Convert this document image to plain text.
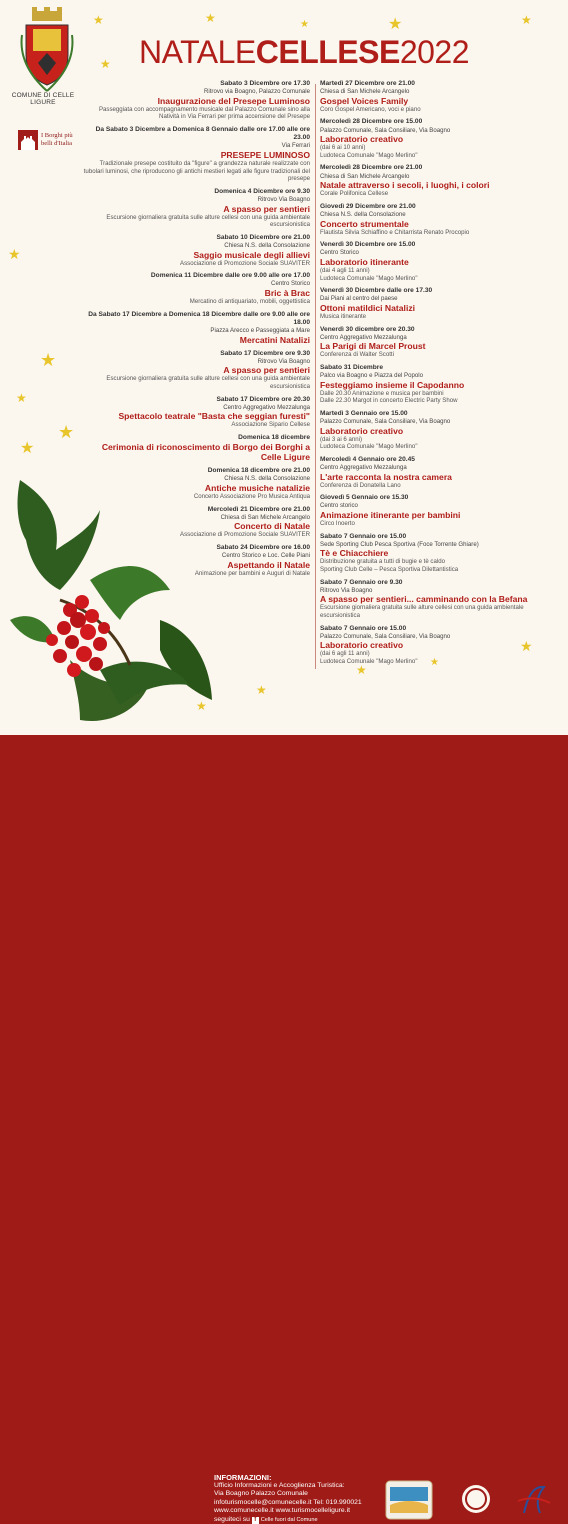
★	★	★	★	★
★
★
★
★
★
★
★
★
★
★
★
COMUNE DI CELLE LIGURE
I Borghi più belli d'Italia
NATALECELLESE2022
Sabato 3 Dicembre ore 17.30
Ritrovo via Boagno, Palazzo Comunale
Inaugurazione del Presepe Luminoso
Passeggiata con accompagnamento musicale dal Palazzo Comunale sino alla Natività in Via Ferrari per prima accensione del Presepe
Da Sabato 3 Dicembre a Domenica 8 Gennaio dalle ore 17.00 alle ore 23.00
Via Ferrari
PRESEPE LUMINOSO
Tradizionale presepe costituito da "figure" a grandezza naturale realizzate con tubolari luminosi, che riproducono gli antichi mestieri legati alle figure tradizionali del presepe
Domenica 4 Dicembre ore 9.30
Ritrovo Via Boagno
A spasso per sentieri
Escursione giornaliera gratuita sulle alture cellesi con una guida ambientale escursionistica
Sabato 10 Dicembre ore 21.00
Chiesa N.S. della Consolazione
Saggio musicale degli allievi
Associazione di Promozione Sociale SUAVITER
Domenica 11 Dicembre dalle ore 9.00 alle ore 17.00
Centro Storico
Bric à Brac
Mercatino di antiquariato, mobili, oggettistica
Da Sabato 17 Dicembre a Domenica 18 Dicembre dalle ore 9.00 alle ore 18.00
Piazza Arecco e Passeggiata a Mare
Mercatini Natalizi
Sabato 17 Dicembre ore 9.30
Ritrovo Via Boagno
A spasso per sentieri
Escursione giornaliera gratuita sulle alture cellesi con una guida ambientale escursionistica
Sabato 17 Dicembre ore 20.30
Centro Aggregativo Mezzalunga
Spettacolo teatrale "Basta che seggian furesti"
Associazione Sipario Cellese
Domenica 18 dicembre
Cerimonia di riconoscimento di Borgo dei Borghi a Celle Ligure
Domenica 18 dicembre ore 21.00
Chiesa N.S. della Consolazione
Antiche musiche natalizie
Concerto Associazione Pro Musica Antiqua
Mercoledì 21 Dicembre ore 21.00
Chiesa di San Michele Arcangelo
Concerto di Natale
Associazione di Promozione Sociale SUAVITER
Sabato 24 Dicembre ore 16.00
Centro Storico e Loc. Celle Piani
Aspettando il Natale
Animazione per bambini e Auguri di Natale
Martedì 27 Dicembre ore 21.00
Chiesa di San Michele Arcangelo
Gospel Voices Family
Coro Gospel Americano, voci e piano
Mercoledì 28 Dicembre ore 15.00
Palazzo Comunale, Sala Consiliare, Via Boagno
Laboratorio creativo
(dai 6 ai 10 anni)
Ludoteca Comunale "Mago Merlino"
Mercoledì 28 Dicembre ore 21.00
Chiesa di San Michele Arcangelo
Natale attraverso i secoli, i luoghi, i colori
Corale Polifonica Cellese
Giovedì 29 Dicembre ore 21.00
Chiesa N.S. della Consolazione
Concerto strumentale
Flautista Silvia Schiaffino e Chitarrista Renato Procopio
Venerdì 30 Dicembre ore 15.00
Centro Storico
Laboratorio itinerante
(dai 4 agli 11 anni)
Ludoteca Comunale "Mago Merlino"
Venerdì 30 Dicembre dalle ore 17.30
Dai Piani al centro del paese
Ottoni matildici Natalizi
Musica itinerante
Venerdì 30 dicembre ore 20.30
Centro Aggregativo Mezzalunga
La Parigi di Marcel Proust
Conferenza di Walter Scotti
Sabato 31 Dicembre
Palco via Boagno e Piazza del Popolo
Festeggiamo insieme il Capodanno
Dalle 20.30 Animazione e musica per bambini
Dalle 22.30 Margot in concerto Electric Party Show
Martedì 3 Gennaio ore 15.00
Palazzo Comunale, Sala Consiliare, Via Boagno
Laboratorio creativo
(dai 3 ai 6 anni)
Ludoteca Comunale "Mago Merlino"
Mercoledì 4 Gennaio ore 20.45
Centro Aggregativo Mezzalunga
L'arte racconta la nostra camera
Conferenza di Donatella Lano
Giovedì 5 Gennaio ore 15.30
Centro storico
Animazione itinerante per bambini
Circo Inoerto
Sabato 7 Gennaio ore 15.00
Sede Sporting Club Pesca Sportiva (Foce Torrente Ghiare)
Tè e Chiacchiere
Distribuzione gratuita a tutti di bugie e tè caldo
Sporting Club Celle – Pesca Sportiva Dilettantistica
Sabato 7 Gennaio ore 9.30
Ritrovo Via Boagno
A spasso per sentieri... camminando con la Befana
Escursione giornaliera gratuita sulle alture cellesi con una guida ambientale escursionistica
Sabato 7 Gennaio ore 15.00
Palazzo Comunale, Sala Consiliare, Via Boagno
Laboratorio creativo
(dai 6 agli 11 anni)
Ludoteca Comunale "Mago Merlino"
INFORMAZIONI:
Ufficio Informazioni e Accoglienza Turistica:
Via Boagno Palazzo Comunale
infoturismocelle@comunecelle.it Tel: 019.990021
www.comunecelle.it www.turismocelleligure.it
seguiteci su f Celle fuori dal Comune
